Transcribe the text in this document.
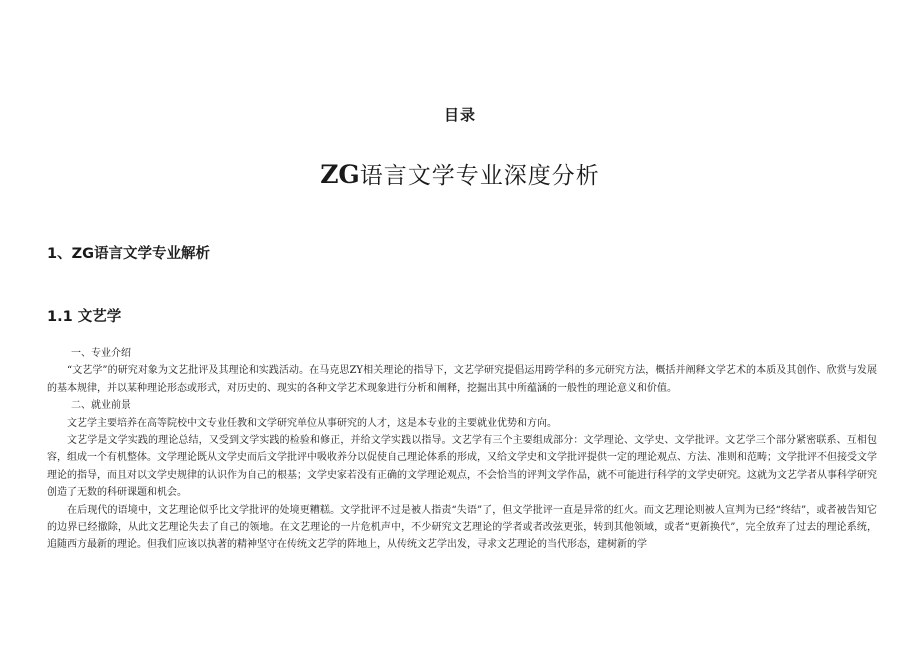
目录
ZG语言文学专业深度分析
1、ZG语言文学专业解析
1.1 文艺学

一、专业介绍

“文艺学”的研究对象为文艺批评及其理论和实践活动。在马克思ZY相关理论的指导下，文艺学研究提倡运用跨学科的多元研究方法，概括并阐释文学艺术的本质及其创作、欣赏与发展的基本规律，并以某种理论形态或形式，对历史的、现实的各种文学艺术现象进行分析和阐释，挖掘出其中所蕴涵的一般性的理论意义和价值。

二、就业前景

文艺学主要培养在高等院校中文专业任教和文学研究单位从事研究的人才，这是本专业的主要就业优势和方向。

文艺学是文学实践的理论总结，又受到文学实践的检验和修正，并给文学实践以指导。文艺学有三个主要组成部分：文学理论、文学史、文学批评。文艺学三个部分紧密联系、互相包容，组成一个有机整体。文学理论既从文学史而后文学批评中吸收养分以促使自己理论体系的形成，又给文学史和文学批评提供一定的理论观点、方法、准则和范畴；文学批评不但接受文学理论的指导，而且对以文学史规律的认识作为自己的根基；文学史家若没有正确的文学理论观点，不会恰当的评判文学作品，就不可能进行科学的文学史研究。这就为文艺学者从事科学研究创造了无数的科研课题和机会。

在后现代的语境中，文艺理论似乎比文学批评的处境更糟糕。文学批评不过是被人指责“失语”了，但文学批评一直是异常的红火。而文艺理论则被人宣判为已经“终结”，或者被告知它的边界已经撤除，从此文艺理论失去了自己的领地。在文艺理论的一片危机声中，不少研究文艺理论的学者或者改弦更张，转到其他领域，或者“更新换代”，完全放弃了过去的理论系统，追随西方最新的理论。但我们应该以执著的精神坚守在传统文艺学的阵地上，从传统文艺学出发，寻求文艺理论的当代形态，建树新的学
